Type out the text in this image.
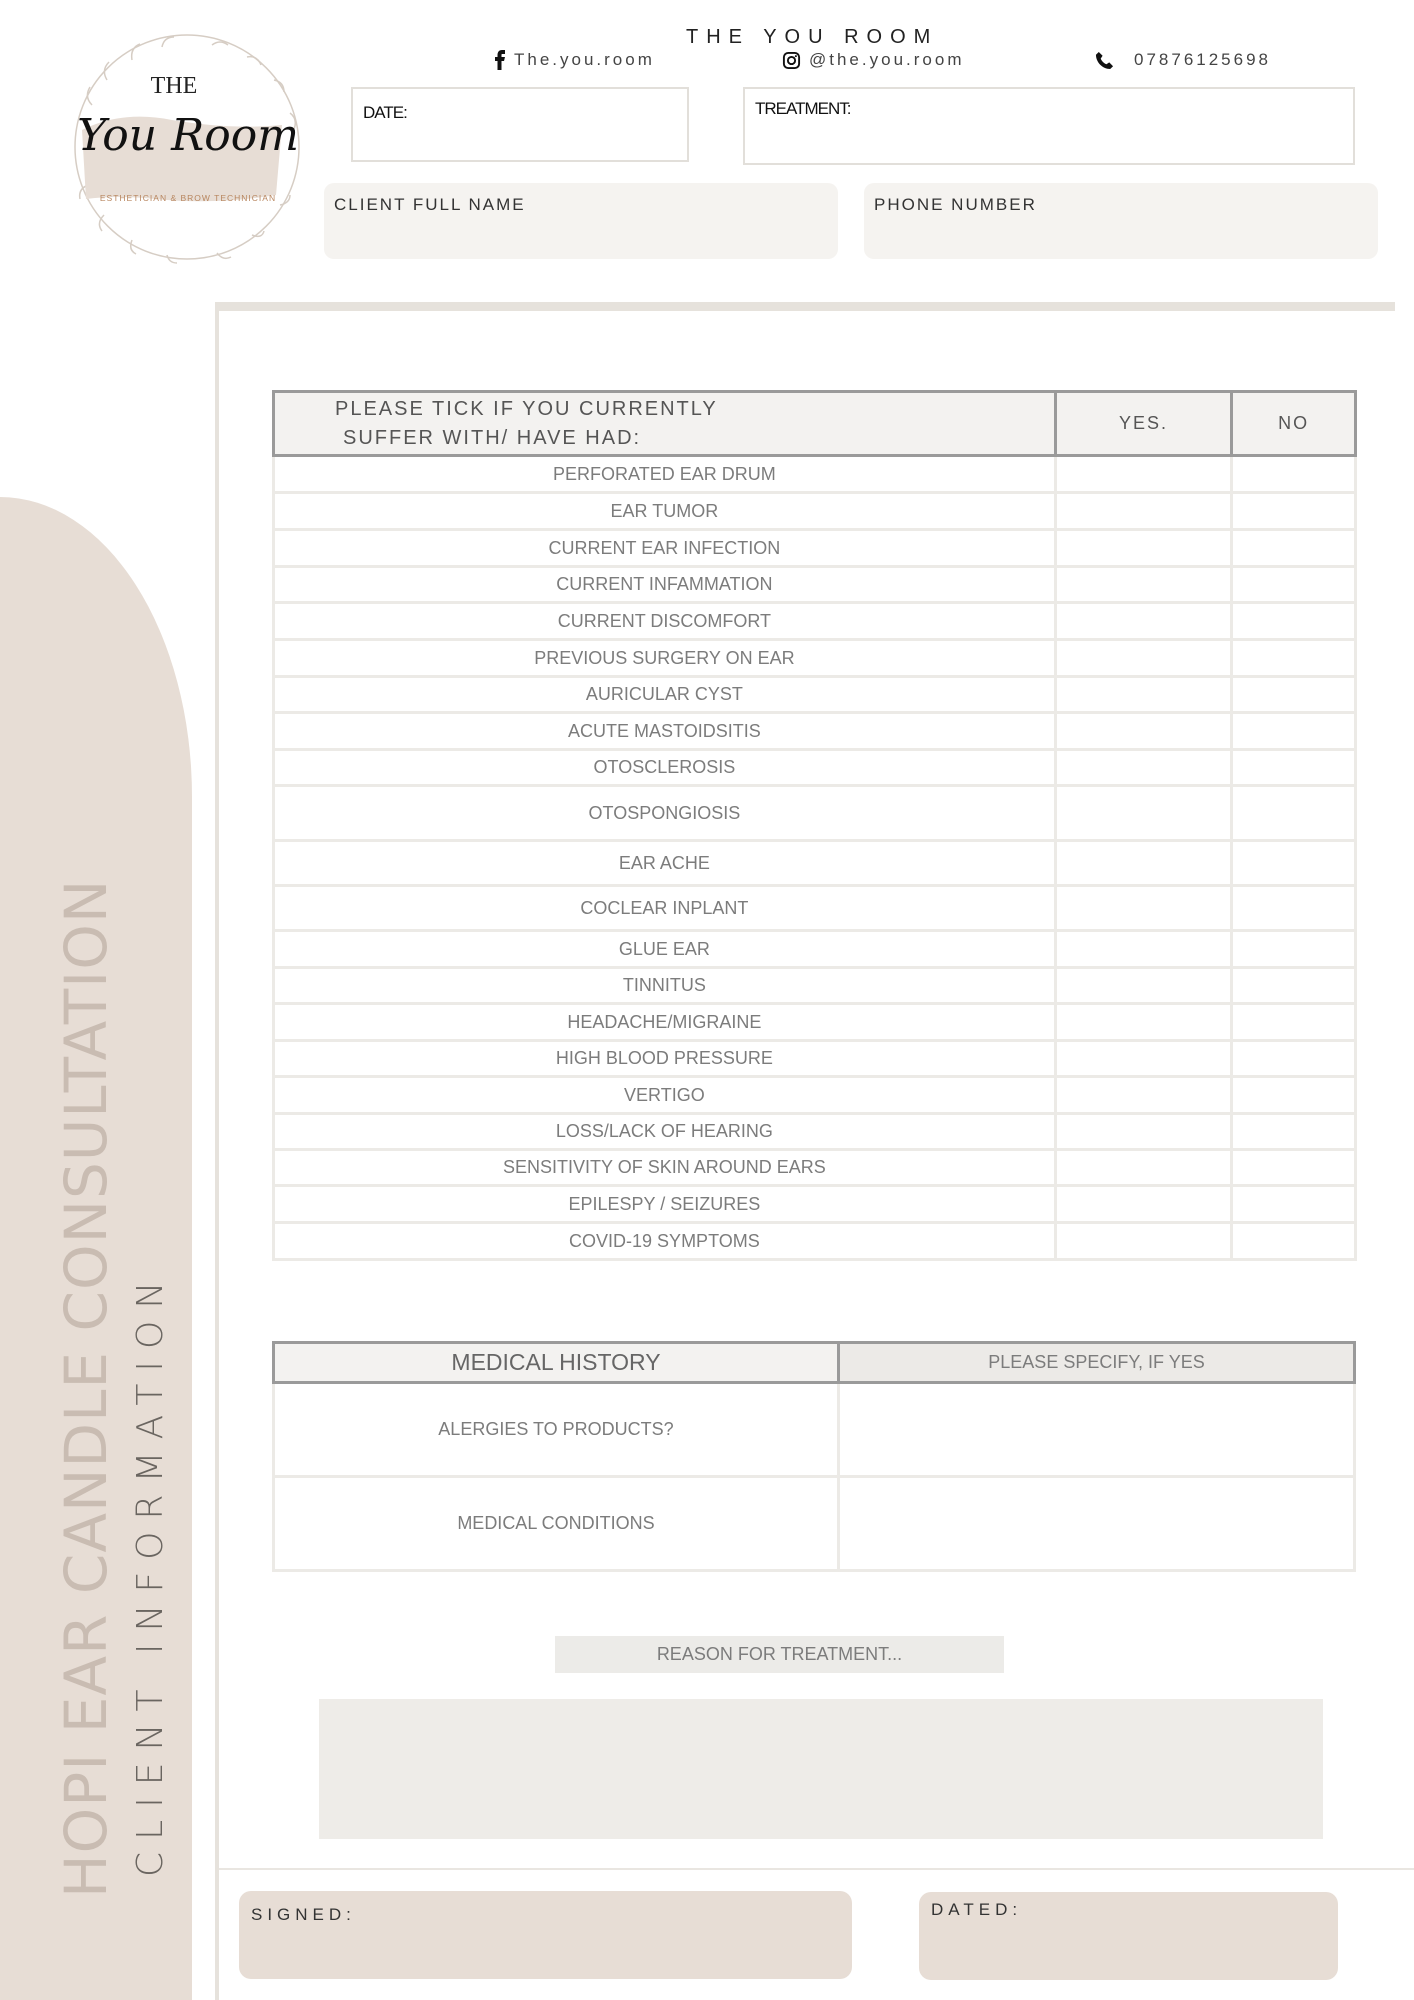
HOPI EAR CANDLE CONSULTATION CLIENT INFORMATION
THE
You Room
ESTHETICIAN & BROW TECHNICIAN
THE YOU ROOM
The.you.room	@the.you.room	07876125698
DATE:	TREATMENT:
CLIENT FULL NAME	PHONE NUMBER
PLEASE TICK IF YOU CURRENTLY
SUFFER WITH/ HAVE HAD:	YES.	NO
PERFORATED EAR DRUM		
EAR TUMOR		
CURRENT EAR INFECTION		
CURRENT INFAMMATION		
CURRENT DISCOMFORT		
PREVIOUS SURGERY ON EAR		
AURICULAR CYST		
ACUTE MASTOIDSITIS		
OTOSCLEROSIS		
OTOSPONGIOSIS		
EAR ACHE		
COCLEAR INPLANT		
GLUE EAR		
TINNITUS		
HEADACHE/MIGRAINE		
HIGH BLOOD PRESSURE		
VERTIGO		
LOSS/LACK OF HEARING		
SENSITIVITY OF SKIN AROUND EARS		
EPILESPY / SEIZURES		
COVID-19 SYMPTOMS		
MEDICAL HISTORY	PLEASE SPECIFY, IF YES
ALERGIES TO PRODUCTS?	
MEDICAL CONDITIONS	
REASON FOR TREATMENT...
SIGNED:	DATED:
